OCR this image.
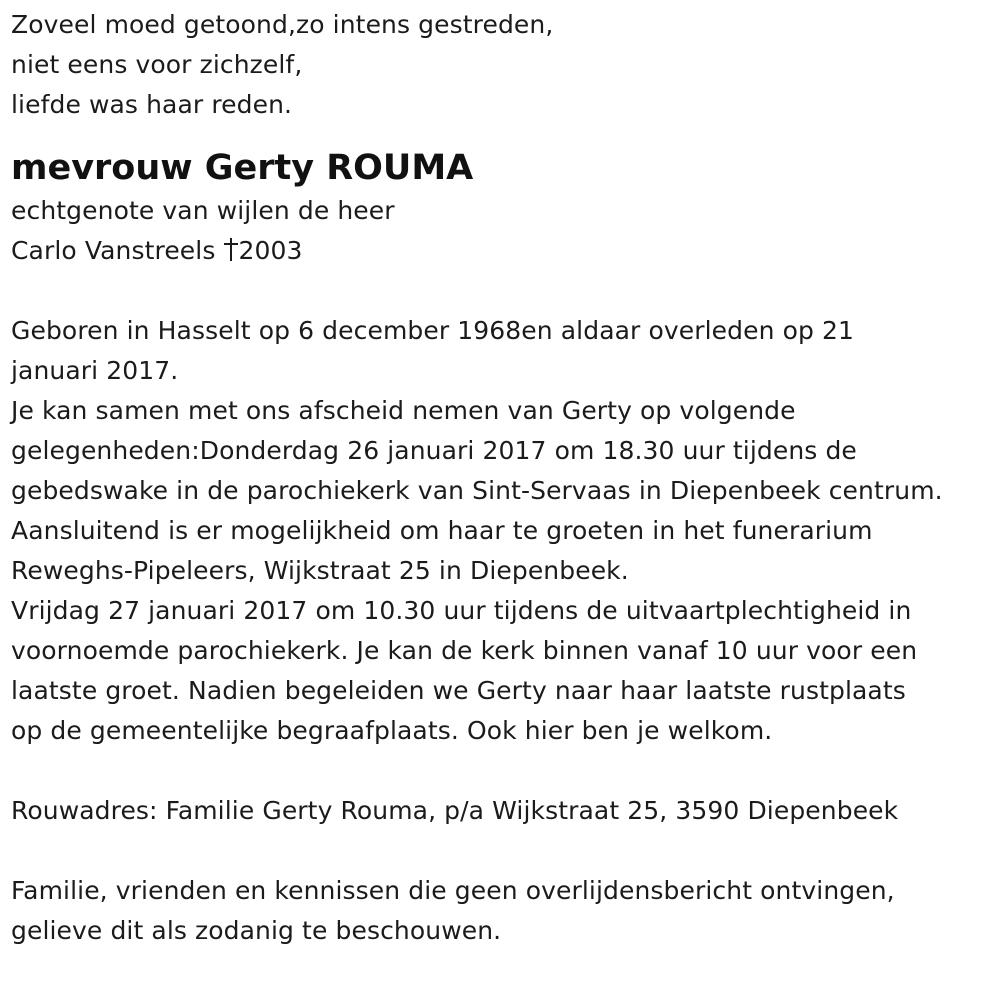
Zoveel moed getoond,zo intens gestreden,
niet eens voor zichzelf,
liefde was haar reden.
mevrouw Gerty ROUMA
echtgenote van wijlen de heer
Carlo Vanstreels 2003
Geboren in Hasselt op 6 december 1968en aldaar overleden op 21
januari 2017.
Je kan samen met ons afscheid nemen van Gerty op volgende
gelegenheden:Donderdag 26 januari 2017 om 18.30 uur tijdens de
gebedswake in de parochiekerk van Sint-Servaas in Diepenbeek centrum.
Aansluitend is er mogelijkheid om haar te groeten in het funerarium
Reweghs-Pipeleers, Wijkstraat 25 in Diepenbeek.
Vrijdag 27 januari 2017 om 10.30 uur tijdens de uitvaartplechtigheid in
voornoemde parochiekerk. Je kan de kerk binnen vanaf 10 uur voor een
laatste groet. Nadien begeleiden we Gerty naar haar laatste rustplaats
op de gemeentelijke begraafplaats. Ook hier ben je welkom.
Rouwadres: Familie Gerty Rouma, p/a Wijkstraat 25, 3590 Diepenbeek
Familie, vrienden en kennissen die geen overlijdensbericht ontvingen,
gelieve dit als zodanig te beschouwen.
